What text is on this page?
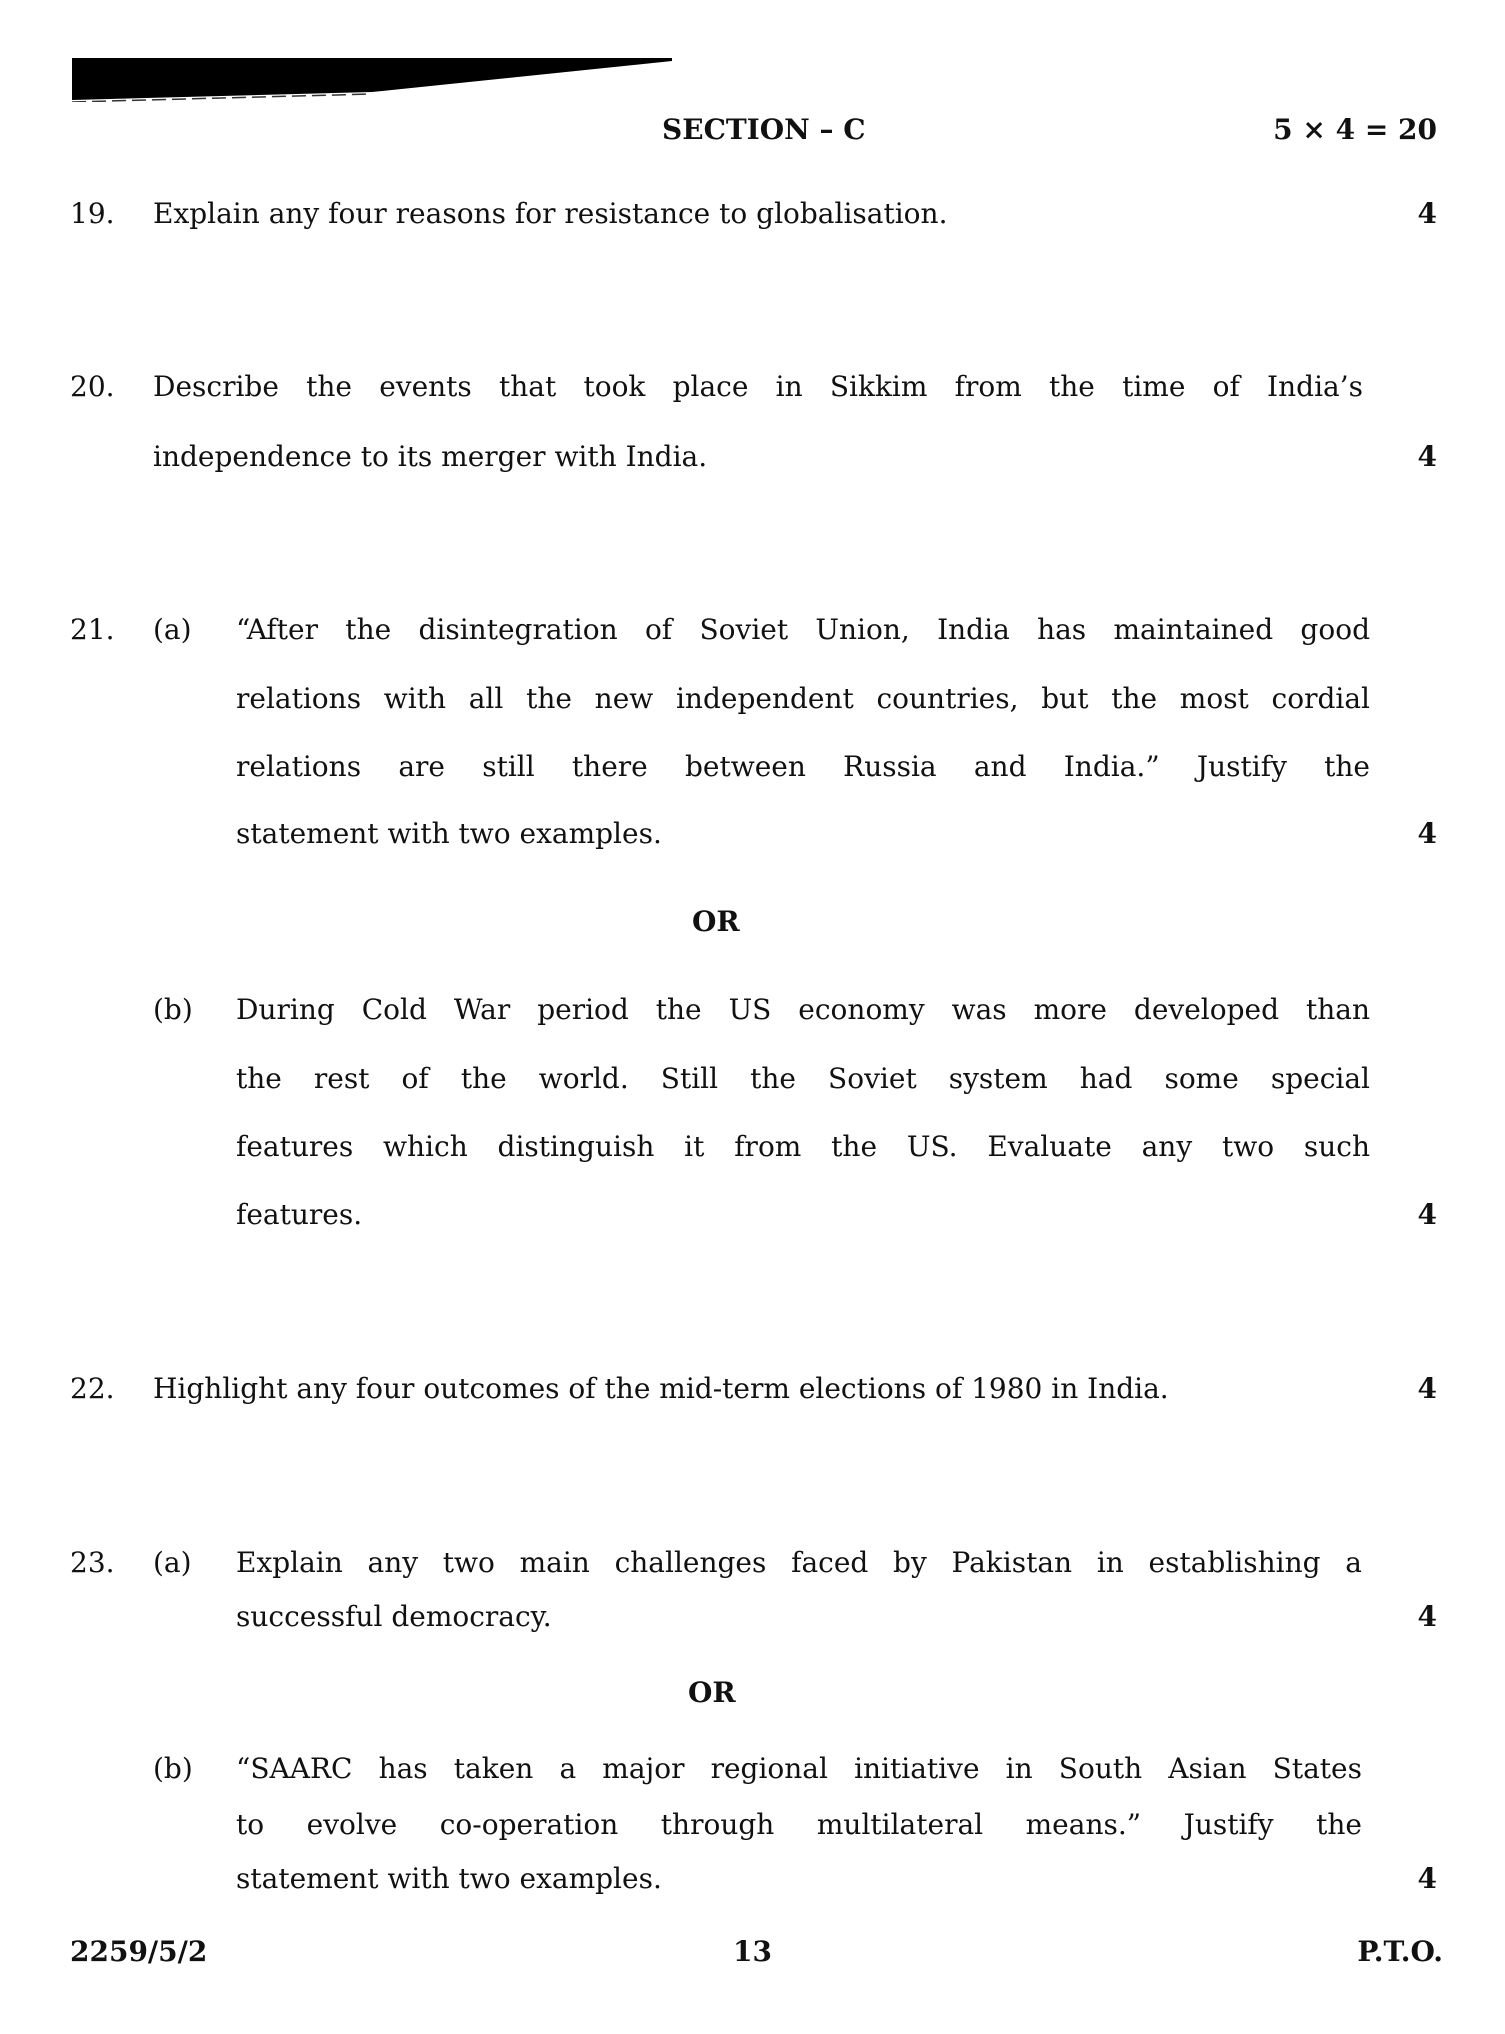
SECTION – C	5 × 4 = 20
19. Explain any four reasons for resistance to globalisation.	4
20. Describe the events that took place in Sikkim from the time of India’s
independence to its merger with India.	4
21. (a) “After the disintegration of Soviet Union, India has maintained good
relations with all the new independent countries, but the most cordial
relations are still there between Russia and India.” Justify the
statement with two examples.	4
OR
(b) During Cold War period the US economy was more developed than
the rest of the world. Still the Soviet system had some special
features which distinguish it from the US. Evaluate any two such
features.	4
22. Highlight any four outcomes of the mid-term elections of 1980 in India.	4
23. (a) Explain any two main challenges faced by Pakistan in establishing a
successful democracy.	4
OR
(b) “SAARC has taken a major regional initiative in South Asian States
to evolve co-operation through multilateral means.” Justify the
statement with two examples.	4
2259/5/2	13	P.T.O.
